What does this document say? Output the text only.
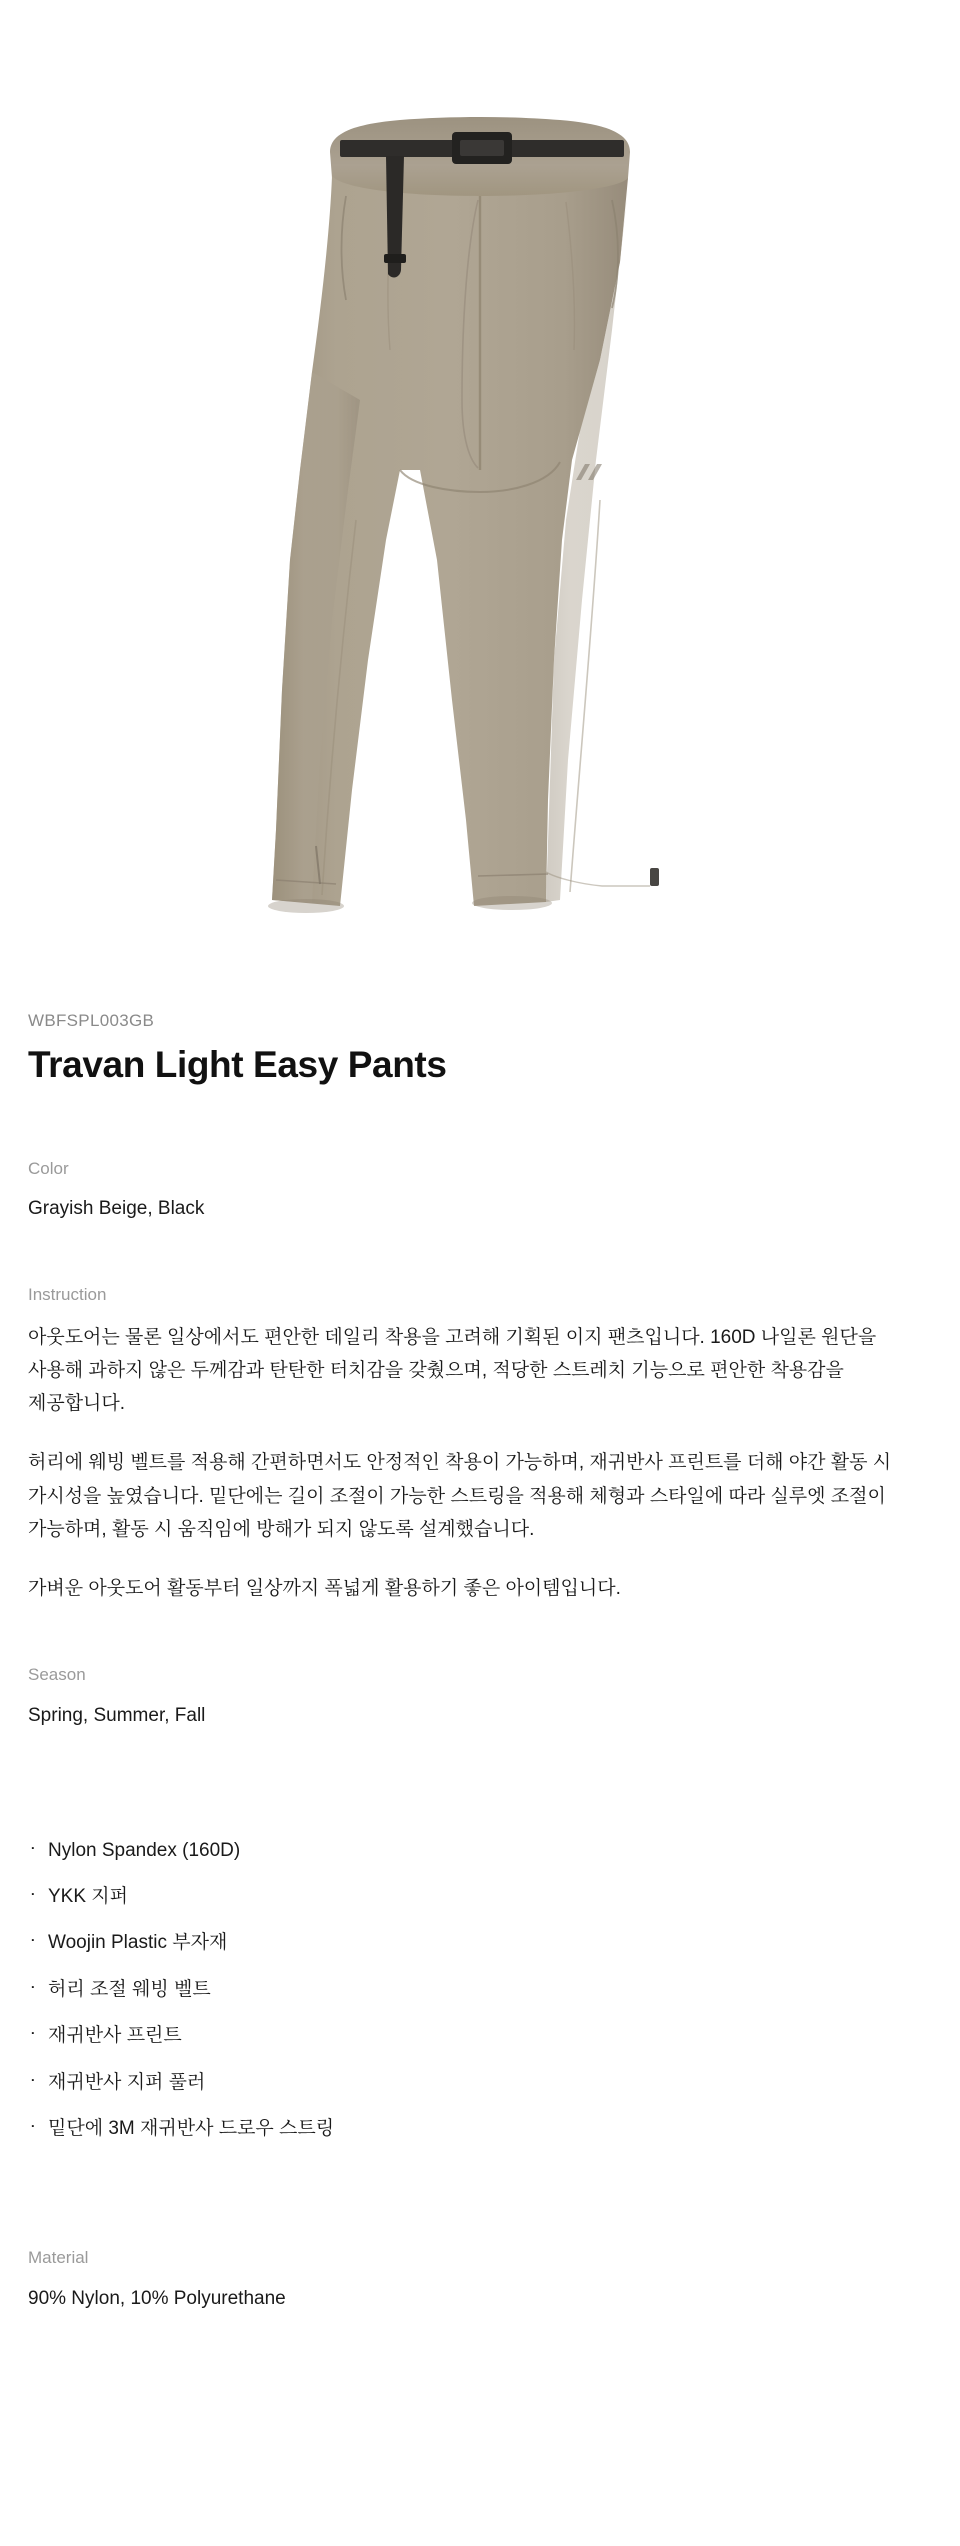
WBFSPL003GB
Travan Light Easy Pants
Color
Grayish Beige, Black
Instruction

아웃도어는 물론 일상에서도 편안한 데일리 착용을 고려해 기획된 이지 팬츠입니다. 160D 나일론 원단을 사용해 과하지 않은 두께감과 탄탄한 터치감을 갖췄으며, 적당한 스트레치 기능으로 편안한 착용감을 제공합니다.

허리에 웨빙 벨트를 적용해 간편하면서도 안정적인 착용이 가능하며, 재귀반사 프린트를 더해 야간 활동 시 가시성을 높였습니다. 밑단에는 길이 조절이 가능한 스트링을 적용해 체형과 스타일에 따라 실루엣 조절이 가능하며, 활동 시 움직임에 방해가 되지 않도록 설계했습니다.

가벼운 아웃도어 활동부터 일상까지 폭넓게 활용하기 좋은 아이템입니다.

Season
Spring, Summer, Fall
ᐧ Nylon Spandex (160D)
ᐧ YKK 지퍼
ᐧ Woojin Plastic 부자재
ᐧ 허리 조절 웨빙 벨트
ᐧ 재귀반사 프린트
ᐧ 재귀반사 지퍼 풀러
ᐧ 밑단에 3M 재귀반사 드로우 스트링
Material
90% Nylon, 10% Polyurethane
